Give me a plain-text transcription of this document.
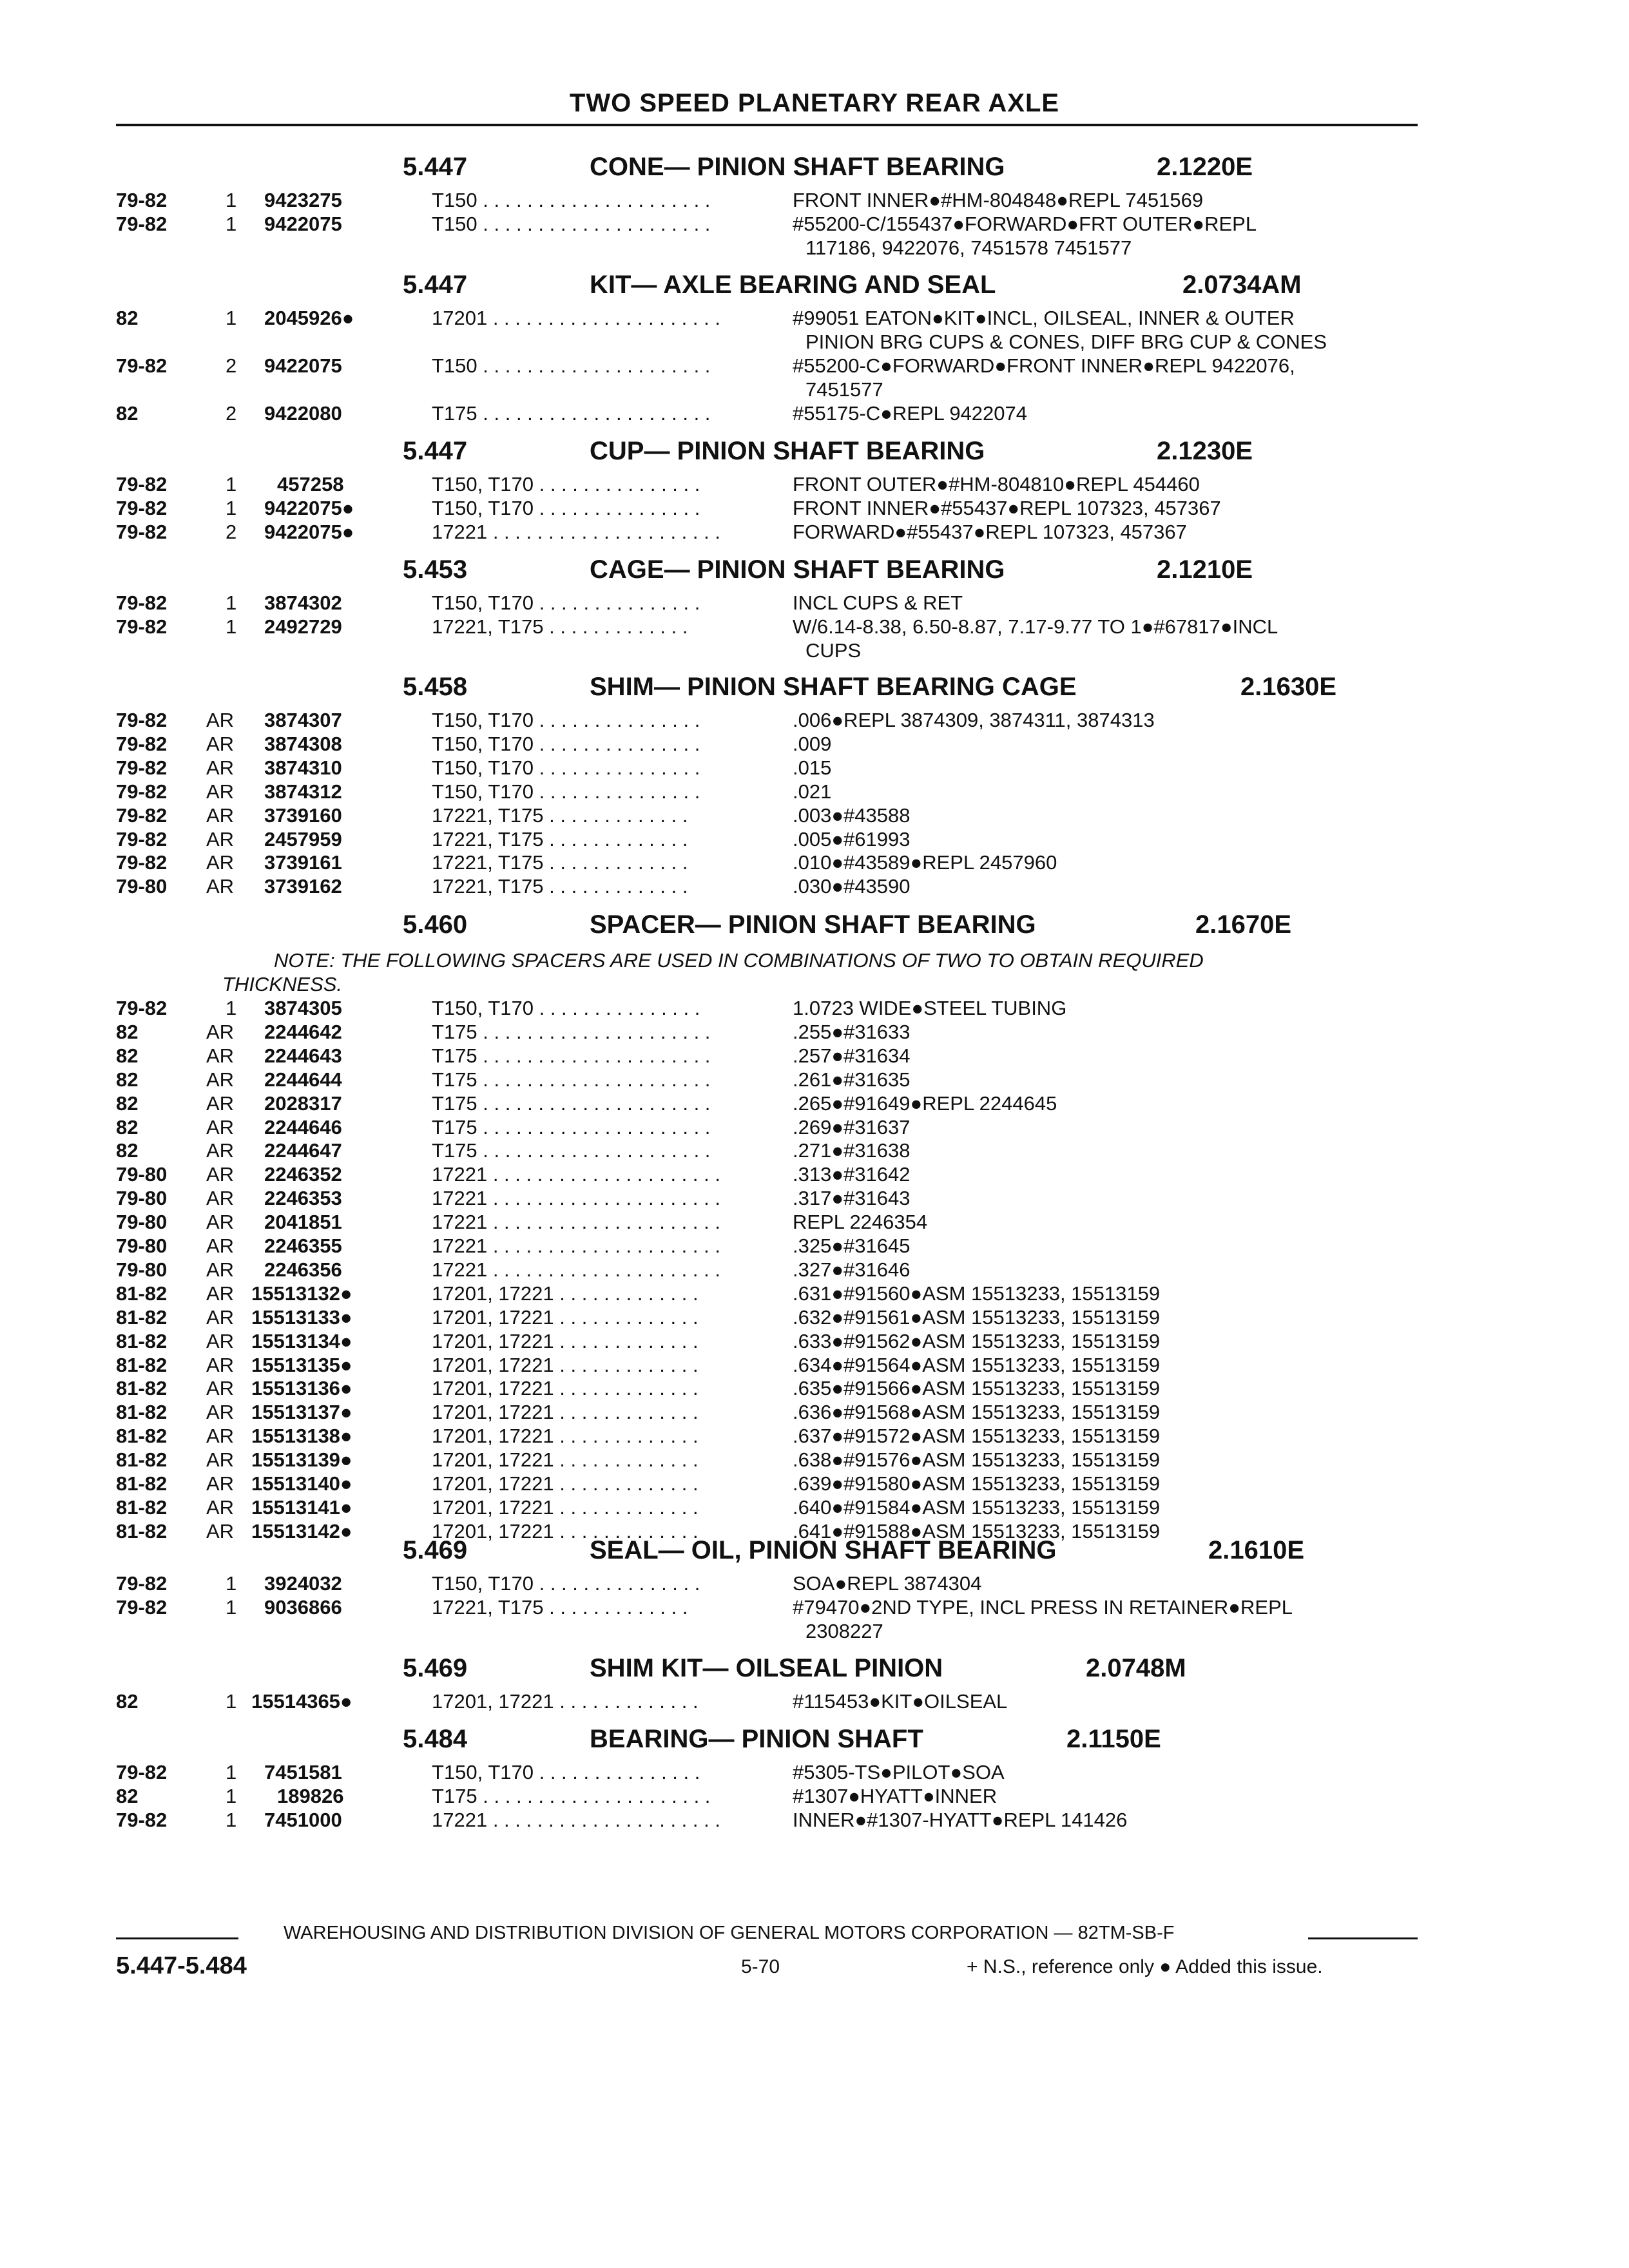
TWO SPEED PLANETARY REAR AXLE
5.447	CONE— PINION SHAFT BEARING	2.1220E
79-82	1 9423275	T150 . . . . . . . . . . . . . . . . . . . . .	FRONT INNER●#HM-804848●REPL 7451569
79-82	1 9422075	T150 . . . . . . . . . . . . . . . . . . . . .	#55200-C/155437●FORWARD●FRT OUTER●REPL
117186, 9422076, 7451578 7451577
5.447	KIT— AXLE BEARING AND SEAL	2.0734AM
82	1 2045926●	17201 . . . . . . . . . . . . . . . . . . . . .	#99051 EATON●KIT●INCL, OILSEAL, INNER & OUTER
PINION BRG CUPS & CONES, DIFF BRG CUP & CONES
79-82	2 9422075	T150 . . . . . . . . . . . . . . . . . . . . .	#55200-C●FORWARD●FRONT INNER●REPL 9422076,
7451577
82	2 9422080	T175 . . . . . . . . . . . . . . . . . . . . .	#55175-C●REPL 9422074
5.447	CUP— PINION SHAFT BEARING	2.1230E
79-82	1 457258	T150, T170 . . . . . . . . . . . . . . .	FRONT OUTER●#HM-804810●REPL 454460
79-82	1 9422075●	T150, T170 . . . . . . . . . . . . . . .	FRONT INNER●#55437●REPL 107323, 457367
79-82	2 9422075●	17221 . . . . . . . . . . . . . . . . . . . . .	FORWARD●#55437●REPL 107323, 457367
5.453	CAGE— PINION SHAFT BEARING	2.1210E
79-82	1 3874302	T150, T170 . . . . . . . . . . . . . . .	INCL CUPS & RET
79-82	1 2492729	17221, T175 . . . . . . . . . . . . .	W/6.14-8.38, 6.50-8.87, 7.17-9.77 TO 1●#67817●INCL
CUPS
5.458	SHIM— PINION SHAFT BEARING CAGE	2.1630E
79-82 AR 3874307	T150, T170 . . . . . . . . . . . . . . .	.006●REPL 3874309, 3874311, 3874313
79-82 AR 3874308	T150, T170 . . . . . . . . . . . . . . .	.009
79-82 AR 3874310	T150, T170 . . . . . . . . . . . . . . .	.015
79-82 AR 3874312	T150, T170 . . . . . . . . . . . . . . .	.021
79-82 AR 3739160	17221, T175 . . . . . . . . . . . . .	.003●#43588
79-82 AR 2457959	17221, T175 . . . . . . . . . . . . .	.005●#61993
79-82 AR 3739161	17221, T175 . . . . . . . . . . . . .	.010●#43589●REPL 2457960
79-80 AR 3739162	17221, T175 . . . . . . . . . . . . .	.030●#43590
5.460	SPACER— PINION SHAFT BEARING	2.1670E
NOTE: THE FOLLOWING SPACERS ARE USED IN COMBINATIONS OF TWO TO OBTAIN REQUIRED
THICKNESS.
79-82	1 3874305	T150, T170 . . . . . . . . . . . . . . .	1.0723 WIDE●STEEL TUBING
82	AR 2244642	T175 . . . . . . . . . . . . . . . . . . . . .	.255●#31633
82	AR 2244643	T175 . . . . . . . . . . . . . . . . . . . . .	.257●#31634
82	AR 2244644	T175 . . . . . . . . . . . . . . . . . . . . .	.261●#31635
82	AR 2028317	T175 . . . . . . . . . . . . . . . . . . . . .	.265●#91649●REPL 2244645
82	AR 2244646	T175 . . . . . . . . . . . . . . . . . . . . .	.269●#31637
82	AR 2244647	T175 . . . . . . . . . . . . . . . . . . . . .	.271●#31638
79-80 AR 2246352	17221 . . . . . . . . . . . . . . . . . . . . .	.313●#31642
79-80 AR 2246353	17221 . . . . . . . . . . . . . . . . . . . . .	.317●#31643
79-80 AR 2041851	17221 . . . . . . . . . . . . . . . . . . . . .	REPL 2246354
79-80 AR 2246355	17221 . . . . . . . . . . . . . . . . . . . . .	.325●#31645
79-80 AR 2246356	17221 . . . . . . . . . . . . . . . . . . . . .	.327●#31646
81-82 AR 15513132●	17201, 17221 . . . . . . . . . . . . .	.631●#91560●ASM 15513233, 15513159
81-82 AR 15513133●	17201, 17221 . . . . . . . . . . . . .	.632●#91561●ASM 15513233, 15513159
81-82 AR 15513134●	17201, 17221 . . . . . . . . . . . . .	.633●#91562●ASM 15513233, 15513159
81-82 AR 15513135●	17201, 17221 . . . . . . . . . . . . .	.634●#91564●ASM 15513233, 15513159
81-82 AR 15513136●	17201, 17221 . . . . . . . . . . . . .	.635●#91566●ASM 15513233, 15513159
81-82 AR 15513137●	17201, 17221 . . . . . . . . . . . . .	.636●#91568●ASM 15513233, 15513159
81-82 AR 15513138●	17201, 17221 . . . . . . . . . . . . .	.637●#91572●ASM 15513233, 15513159
81-82 AR 15513139●	17201, 17221 . . . . . . . . . . . . .	.638●#91576●ASM 15513233, 15513159
81-82 AR 15513140●	17201, 17221 . . . . . . . . . . . . .	.639●#91580●ASM 15513233, 15513159
81-82 AR 15513141●	17201, 17221 . . . . . . . . . . . . .	.640●#91584●ASM 15513233, 15513159
81-82 AR 15513142●	17201, 17221 . . . . . . . . . . . . .	.641●#91588●ASM 15513233, 15513159
5.469	SEAL— OIL, PINION SHAFT BEARING	2.1610E
79-82	1 3924032	T150, T170 . . . . . . . . . . . . . . .	SOA●REPL 3874304
79-82	1 9036866	17221, T175 . . . . . . . . . . . . .	#79470●2ND TYPE, INCL PRESS IN RETAINER●REPL
2308227
5.469	SHIM KIT— OILSEAL PINION	2.0748M
82	1 15514365●	17201, 17221 . . . . . . . . . . . . .	#115453●KIT●OILSEAL
5.484	BEARING— PINION SHAFT	2.1150E
79-82	1 7451581	T150, T170 . . . . . . . . . . . . . . .	#5305-TS●PILOT●SOA
82	1 189826	T175 . . . . . . . . . . . . . . . . . . . . .	#1307●HYATT●INNER
79-82	1 7451000	17221 . . . . . . . . . . . . . . . . . . . . .	INNER●#1307-HYATT●REPL 141426
WAREHOUSING AND DISTRIBUTION DIVISION OF GENERAL MOTORS CORPORATION — 82TM-SB-F
5.447-5.484	5-70	+ N.S., reference only ● Added this issue.
